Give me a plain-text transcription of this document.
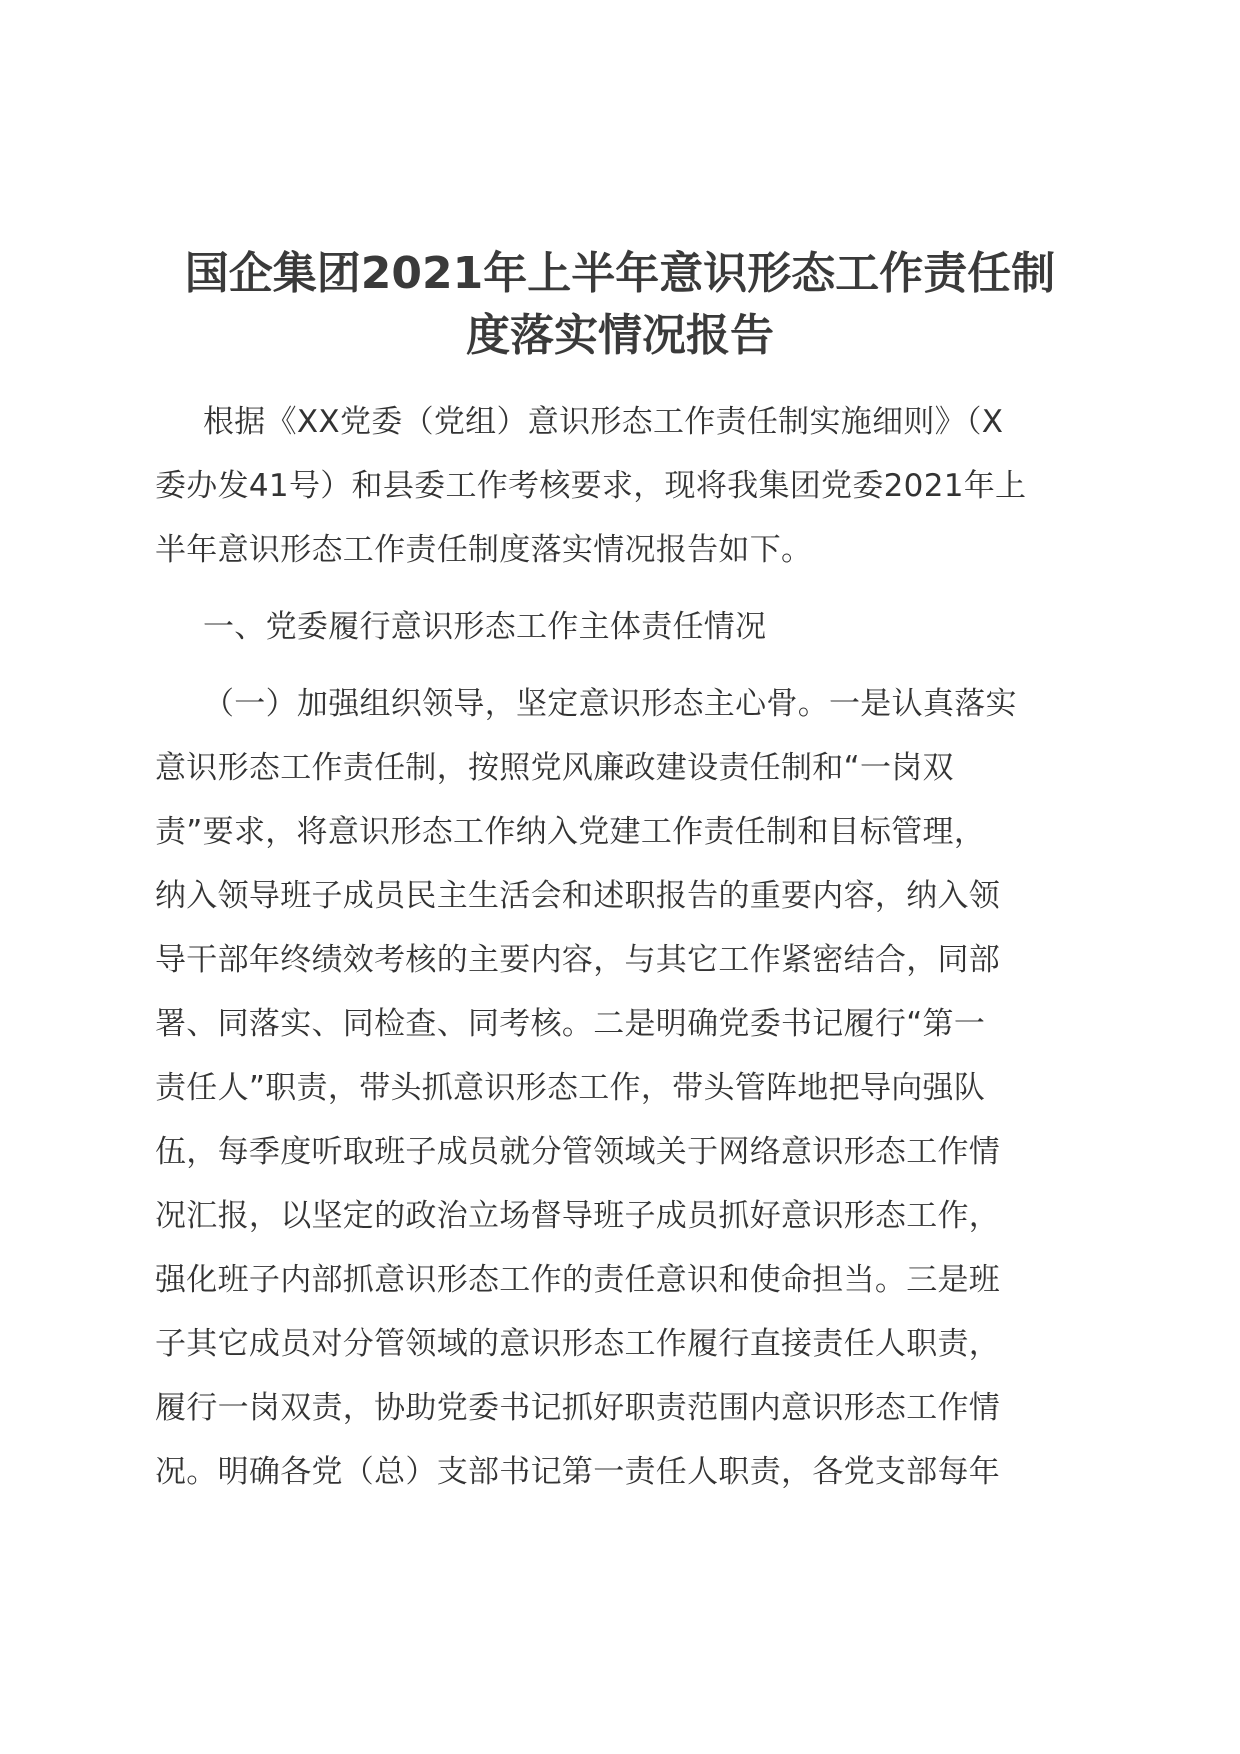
国企集团2021年上半年意识形态工作责任制
度落实情况报告
根据《XX党委（党组）意识形态工作责任制实施细则》（X
委办发41号）和县委工作考核要求，现将我集团党委2021年上
半年意识形态工作责任制度落实情况报告如下。
一、党委履行意识形态工作主体责任情况
（一）加强组织领导，坚定意识形态主心骨。一是认真落实
意识形态工作责任制，按照党风廉政建设责任制和“一岗双
责”要求，将意识形态工作纳入党建工作责任制和目标管理，
纳入领导班子成员民主生活会和述职报告的重要内容，纳入领
导干部年终绩效考核的主要内容，与其它工作紧密结合，同部
署、同落实、同检查、同考核。二是明确党委书记履行“第一
责任人”职责，带头抓意识形态工作，带头管阵地把导向强队
伍，每季度听取班子成员就分管领域关于网络意识形态工作情
况汇报，以坚定的政治立场督导班子成员抓好意识形态工作，
强化班子内部抓意识形态工作的责任意识和使命担当。三是班
子其它成员对分管领域的意识形态工作履行直接责任人职责，
履行一岗双责，协助党委书记抓好职责范围内意识形态工作情
况。明确各党（总）支部书记第一责任人职责，各党支部每年
